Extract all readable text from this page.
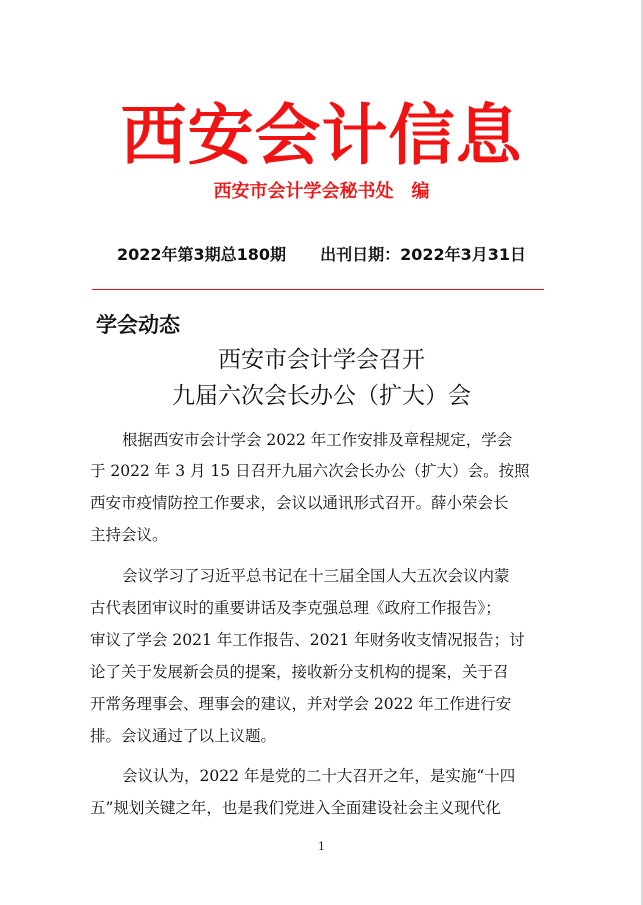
西安会计信息
西安市会计学会秘书处　编
2022年第3期总180期 出刊日期：2022年3月31日
学会动态
西安市会计学会召开
九届六次会长办公（扩大）会
根据西安市会计学会 2022 年工作安排及章程规定，学会
于 2022 年 3 月 15 日召开九届六次会长办公（扩大）会。按照
西安市疫情防控工作要求，会议以通讯形式召开。薛小荣会长
主持会议。
会议学习了习近平总书记在十三届全国人大五次会议内蒙
古代表团审议时的重要讲话及李克强总理《政府工作报告》；
审议了学会 2021 年工作报告、2021 年财务收支情况报告；讨
论了关于发展新会员的提案，接收新分支机构的提案，关于召
开常务理事会、理事会的建议，并对学会 2022 年工作进行安
排。会议通过了以上议题。
会议认为，2022 年是党的二十大召开之年，是实施“十四
五”规划关键之年，也是我们党进入全面建设社会主义现代化
1
